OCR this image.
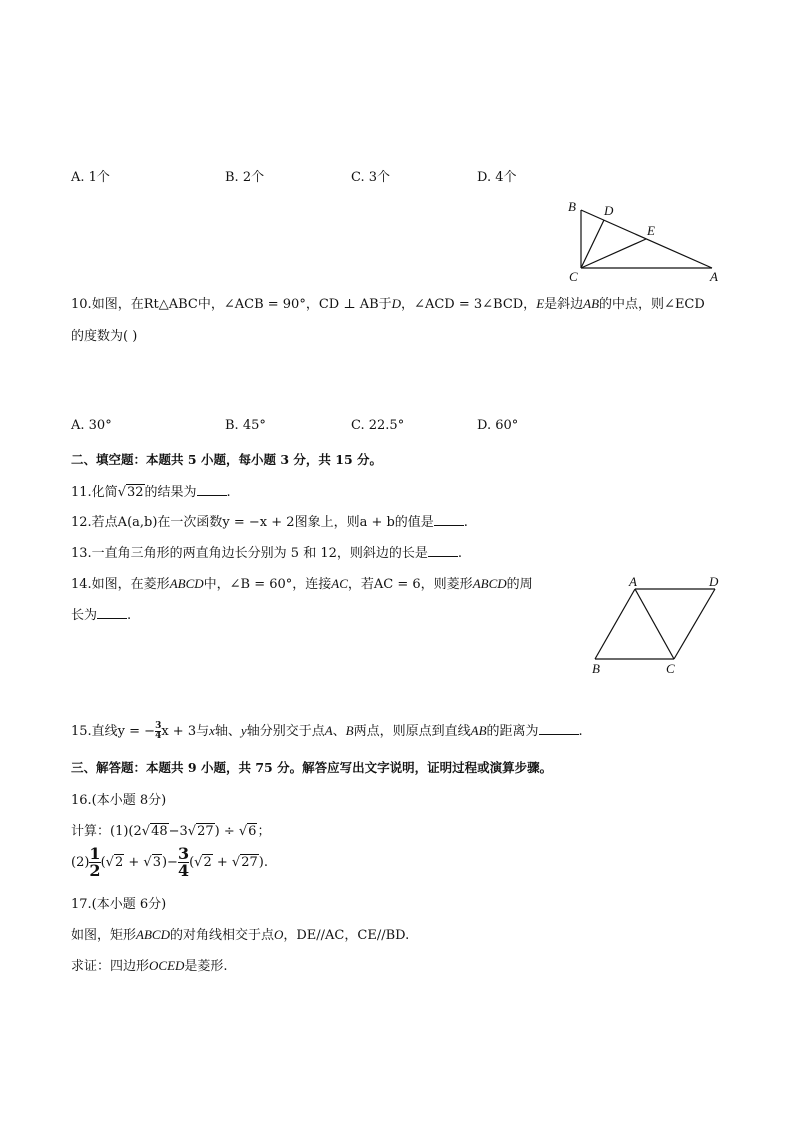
A. 1个	B. 2个	C. 3个	D. 4个
B D
E
C	A
10.如图，在Rt△ABC中，∠ACB = 90°，CD ⊥ AB于D，∠ACD = 3∠BCD，E是斜边AB的中点，则∠ECD
的度数为( )
A. 30°	B. 45°	C. 22.5°	D. 60°
二、填空题：本题共 5 小题，每小题 3 分，共 15 分。
11.化简√32的结果为 .
12.若点A(a,b)在一次函数y = −x + 2图象上，则a + b的值是 .
13.一直角三角形的两直角边长分别为 5 和 12，则斜边的长是 .
14.如图，在菱形ABCD中，∠B = 60°，连接AC，若AC = 6，则菱形ABCD的周
长为 .
A	D
B	C
15.直线y = − $\frac{3}{4}$ x + 3与x轴、y轴分别交于点A、B两点，则原点到直线AB的距离为	.
三、解答题：本题共 9 小题，共 75 分。解答应写出文字说明，证明过程或演算步骤。
16.(本小题 8分)
计算：(1)(2√48−3√27) ÷ √6；
$(2) \frac{1}{2} (√2 + √3)- \frac{3}{4} (√2 + √27)$.
17.(本小题 6分)
如图，矩形ABCD的对角线相交于点O，DE//AC，CE//BD.
求证：四边形OCED是菱形.
